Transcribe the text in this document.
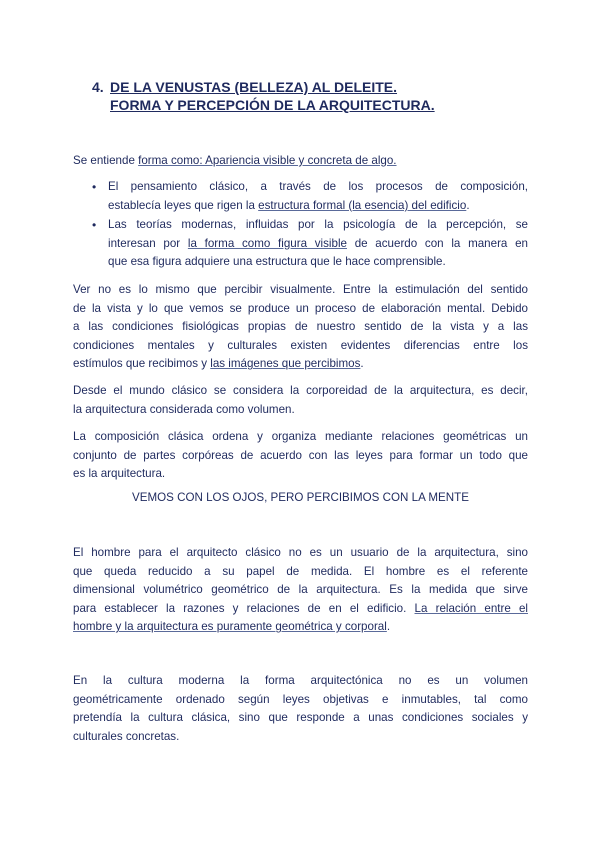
4. DE LA VENUSTAS (BELLEZA) AL DELEITE.
FORMA Y PERCEPCIÓN DE LA ARQUITECTURA.
Se entiende forma como: Apariencia visible y concreta de algo.
• El pensamiento clásico, a través de los procesos de composición,
establecía leyes que rigen la estructura formal (la esencia) del edificio.
• Las teorías modernas, influidas por la psicología de la percepción, se
interesan por la forma como figura visible de acuerdo con la manera en
que esa figura adquiere una estructura que le hace comprensible.
Ver no es lo mismo que percibir visualmente. Entre la estimulación del sentido
de la vista y lo que vemos se produce un proceso de elaboración mental. Debido
a las condiciones fisiológicas propias de nuestro sentido de la vista y a las
condiciones mentales y culturales existen evidentes diferencias entre los
estímulos que recibimos y las imágenes que percibimos.
Desde el mundo clásico se considera la corporeidad de la arquitectura, es decir,
la arquitectura considerada como volumen.
La composición clásica ordena y organiza mediante relaciones geométricas un
conjunto de partes corpóreas de acuerdo con las leyes para formar un todo que
es la arquitectura.
VEMOS CON LOS OJOS, PERO PERCIBIMOS CON LA MENTE
El hombre para el arquitecto clásico no es un usuario de la arquitectura, sino
que queda reducido a su papel de medida. El hombre es el referente
dimensional volumétrico geométrico de la arquitectura. Es la medida que sirve
para establecer la razones y relaciones de en el edificio. La relación entre el
hombre y la arquitectura es puramente geométrica y corporal.
En la cultura moderna la forma arquitectónica no es un volumen
geométricamente ordenado según leyes objetivas e inmutables, tal como
pretendía la cultura clásica, sino que responde a unas condiciones sociales y
culturales concretas.
